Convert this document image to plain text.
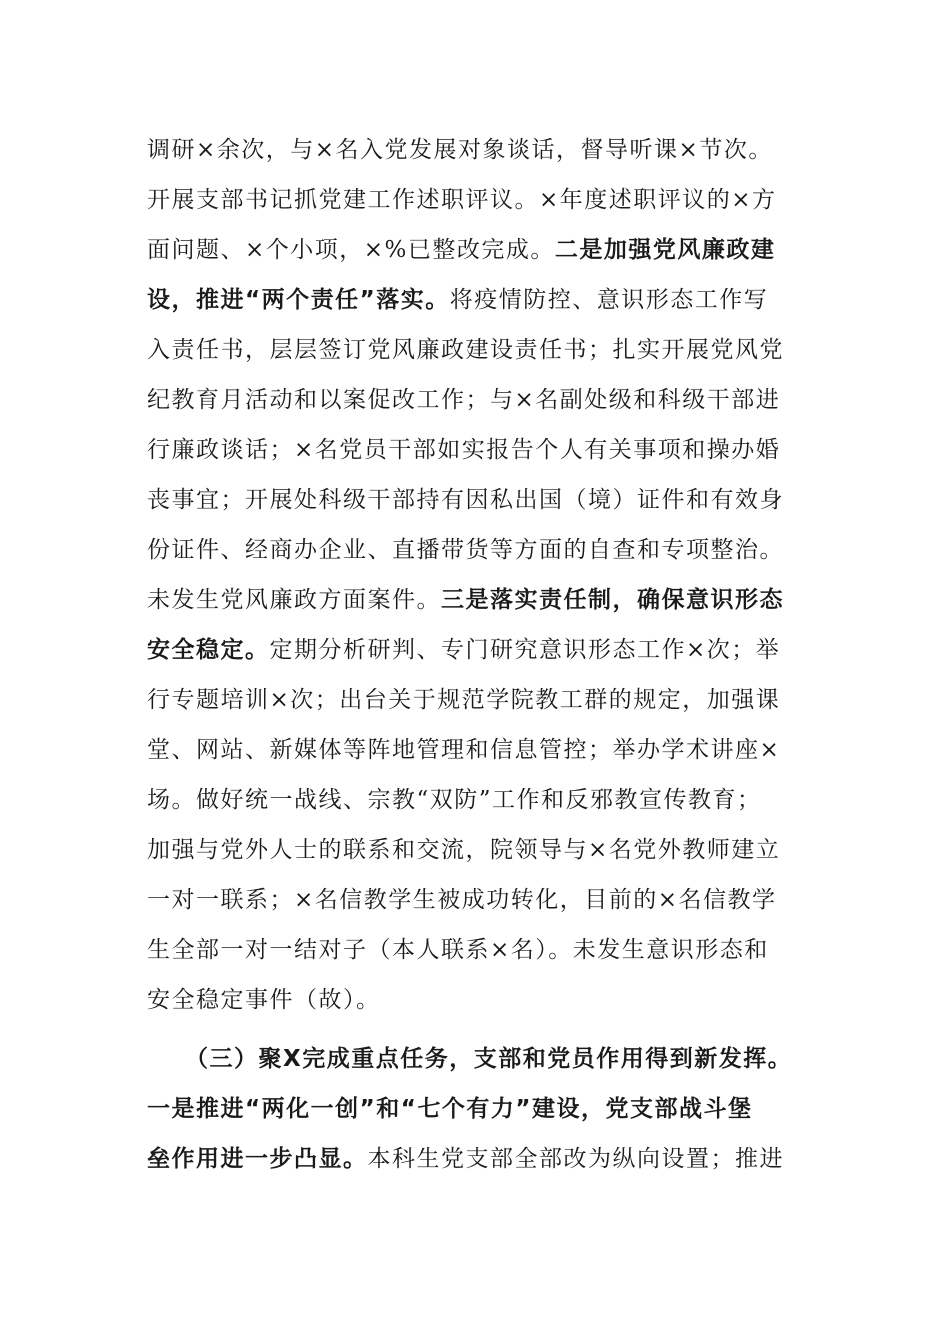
调研×余次，与×名入党发展对象谈话，督导听课×节次。
开展支部书记抓党建工作述职评议。×年度述职评议的×方
面问题、×个小项，×%已整改完成。二是加强党风廉政建
设，推进“两个责任”落实。将疫情防控、意识形态工作写
入责任书，层层签订党风廉政建设责任书；扎实开展党风党
纪教育月活动和以案促改工作；与×名副处级和科级干部进
行廉政谈话；×名党员干部如实报告个人有关事项和操办婚
丧事宜；开展处科级干部持有因私出国（境）证件和有效身
份证件、经商办企业、直播带货等方面的自查和专项整治。
未发生党风廉政方面案件。三是落实责任制，确保意识形态
安全稳定。定期分析研判、专门研究意识形态工作×次；举
行专题培训×次；出台关于规范学院教工群的规定，加强课
堂、网站、新媒体等阵地管理和信息管控；举办学术讲座×
场。做好统一战线、宗教“双防”工作和反邪教宣传教育；
加强与党外人士的联系和交流，院领导与×名党外教师建立
一对一联系；×名信教学生被成功转化，目前的×名信教学
生全部一对一结对子（本人联系×名）。未发生意识形态和
安全稳定事件（故）。
（三）聚X完成重点任务，支部和党员作用得到新发挥。
一是推进“两化一创”和“七个有力”建设，党支部战斗堡
垒作用进一步凸显。本科生党支部全部改为纵向设置；推进
